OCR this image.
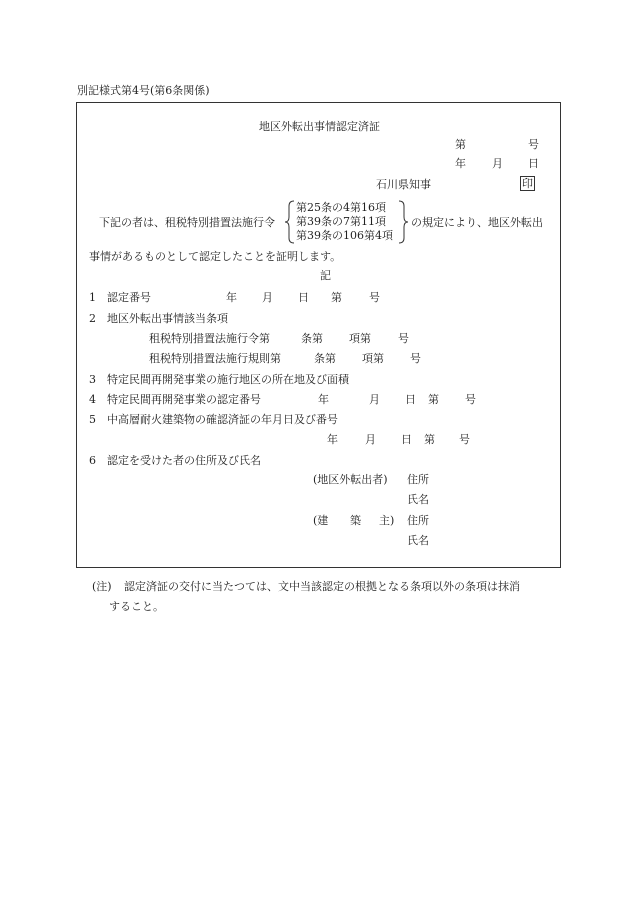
別記様式第4号(第6条関係)
地区外転出事情認定済証
第	号
年 月 日
石川県知事	印
下記の者は、租税特別措置法施行令
第25条の4第16項
第39条の7第11項
第39条の106第4項
の規定により、地区外転出
事情があるものとして認定したことを証明します。
記
1 認定番号	年 月 日 第 号
2 地区外転出事情該当条項
租税特別措置法施行令第	条第 項第 号
租税特別措置法施行規則第	条第 項第 号
3 特定民間再開発事業の施行地区の所在地及び面積
4 特定民間再開発事業の認定番号	年	月 日 第 号
5 中高層耐火建築物の確認済証の年月日及び番号
年 月 日 第 号
6 認定を受けた者の住所及び氏名
(地区外転出者) 住所
氏名
(建 築 主) 住所
氏名
(注) 認定済証の交付に当たつては、文中当該認定の根拠となる条項以外の条項は抹消
すること。
